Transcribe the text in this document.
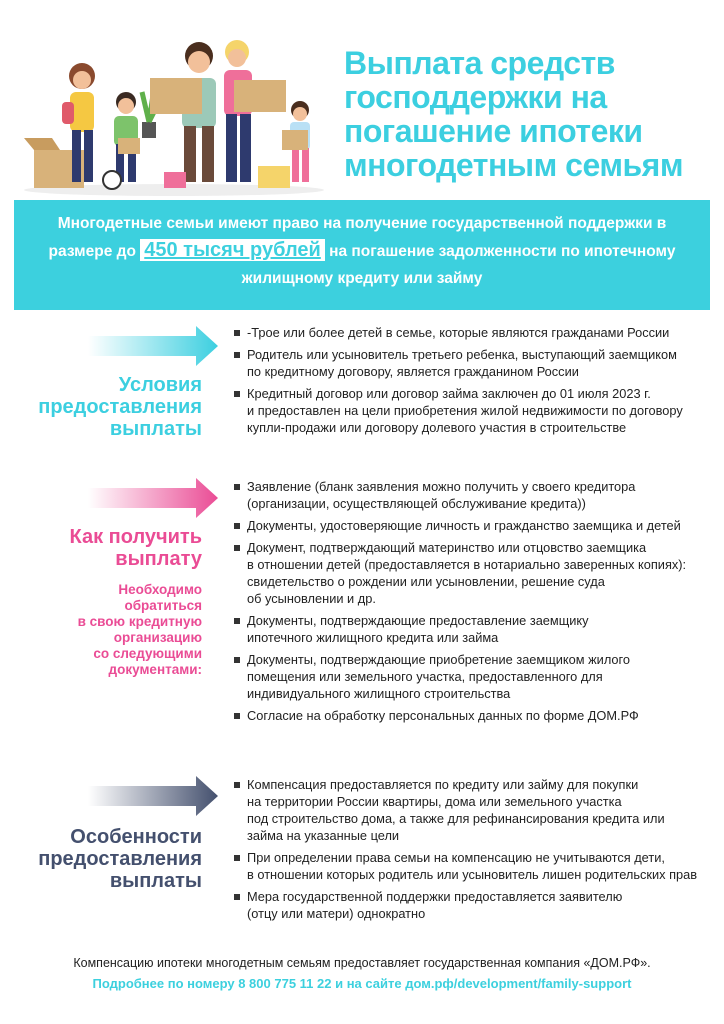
Выплата средств
господдержки на
погашение ипотеки
многодетным семьям
Многодетные семьи имеют право на получение государственной поддержки в размере до 450 тысяч рублей на погашение задолженности по ипотечному жилищному кредиту или займу
Условия
предоставления
выплаты
-Трое или более детей в семье, которые являются гражданами России
Родитель или усыновитель третьего ребенка, выступающий заемщиком
по кредитному договору, является гражданином России
Кредитный договор или договор займа заключен до 01 июля 2023 г.
и предоставлен на цели приобретения жилой недвижимости по договору
купли-продажи или договору долевого участия в строительстве
Как получить
выплату
Необходимо
обратиться
в свою кредитную
организацию
со следующими
документами:
Заявление (бланк заявления можно получить у своего кредитора
(организации, осуществляющей обслуживание кредита))
Документы, удостоверяющие личность и гражданство заемщика и детей
Документ, подтверждающий материнство или отцовство заемщика
в отношении детей (предоставляется в нотариально заверенных копиях):
свидетельство о рождении или усыновлении, решение суда
об усыновлении и др.
Документы, подтверждающие предоставление заемщику
ипотечного жилищного кредита или займа
Документы, подтверждающие приобретение заемщиком жилого
помещения или земельного участка, предоставленного для
индивидуального жилищного строительства
Согласие на обработку персональных данных по форме ДОМ.РФ
Особенности
предоставления
выплаты
Компенсация предоставляется по кредиту или займу для покупки
на территории России квартиры, дома или земельного участка
под строительство дома, а также для рефинансирования кредита или
займа на указанные цели
При определении права семьи на компенсацию не учитываются дети,
в отношении которых родитель или усыновитель лишен родительских прав
Мера государственной поддержки предоставляется заявителю
(отцу или матери) однократно
Компенсацию ипотеки многодетным семьям предоставляет государственная компания «ДОМ.РФ».
Подробнее по номеру 8 800 775 11 22 и на сайте дом.рф/development/family-support
